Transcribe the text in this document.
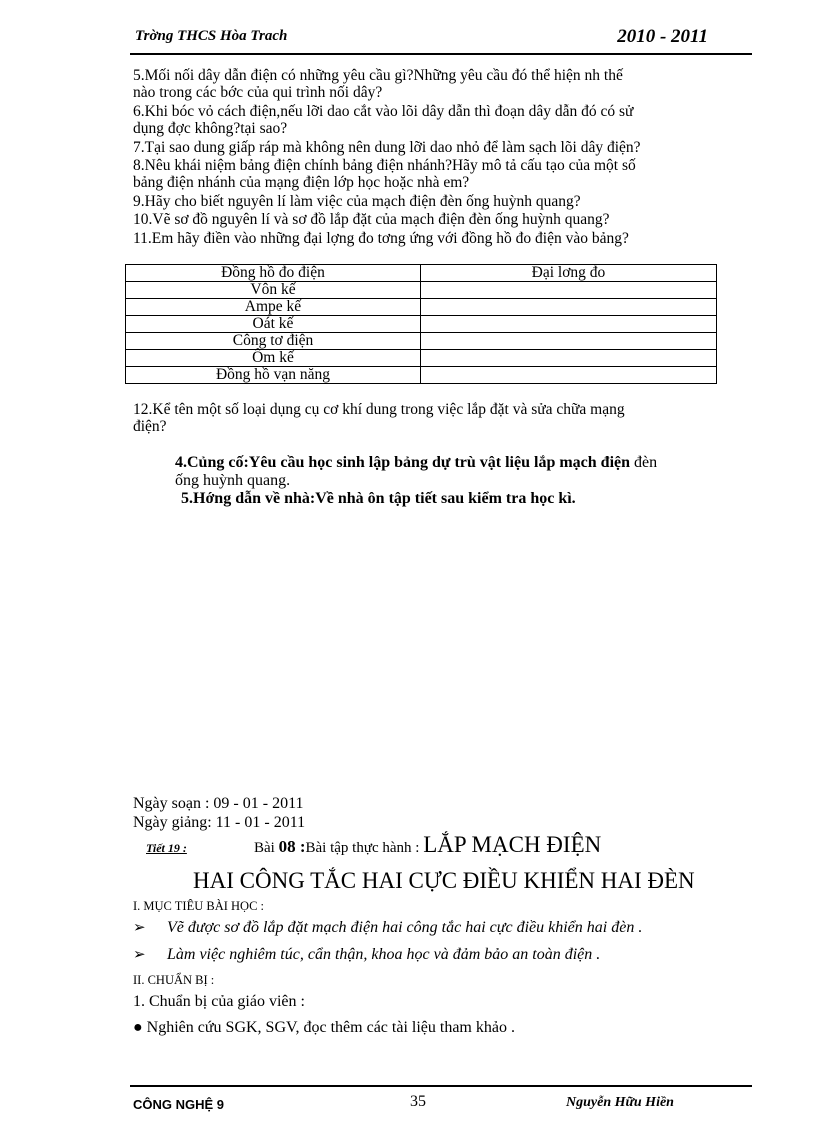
Trờng THCS Hòa Trach	2010 - 2011
5.Mối nối dây dẫn điện có những yêu cầu gì?Những yêu cầu đó thể hiện nh thế
nào trong các bớc của qui trình nối dây?
6.Khi bóc vỏ cách điện,nếu lỡi dao cắt vào lõi dây dẫn thì đoạn dây dẫn đó có sử
dụng đợc không?tại sao?
7.Tại sao dung giấp ráp mà không nên dung lỡi dao nhỏ để làm sạch lõi dây điện?
8.Nêu khái niệm bảng điện chính bảng điện nhánh?Hãy mô tả cấu tạo của một số
bảng điện nhánh của mạng điện lớp học hoặc nhà em?
9.Hãy cho biết nguyên lí làm việc của mạch điện đèn ống huỳnh quang?
10.Vẽ sơ đồ nguyên lí và sơ đồ lắp đặt của mạch điện đèn ống huỳnh quang?
11.Em hãy điền vào những đại lợng đo tơng ứng với đồng hồ đo điện vào bảng?
Đồng hồ đo điện	Đại lơng đo
Vôn kế	
Ampe kế	
Oát kế	
Công tơ điện	
Ôm kế	
Đồng hồ vạn năng	
12.Kể tên một số loại dụng cụ cơ khí dung trong việc lắp đặt và sửa chữa mạng
điện?
4.Củng cố:Yêu cầu học sinh lập bảng dự trù vật liệu lắp mạch điện đèn
ống huỳnh quang.
5.Hớng dẫn về nhà:Về nhà ôn tập tiết sau kiểm tra học kì.
Ngày soạn : 09 - 01 - 2011
Ngày giảng: 11 - 01 - 2011
Tiết 19 :	Bài 08 :Bài tập thực hành : LẮP MẠCH ĐIỆN
HAI CÔNG TẮC HAI CỰC ĐIỀU KHIỂN HAI ĐÈN
I. MỤC TIÊU BÀI HỌC :
➢ Vẽ được sơ đồ lắp đặt mạch điện hai công tắc hai cực điều khiển hai đèn .
➢ Làm việc nghiêm túc, cẩn thận, khoa học và đảm bảo an toàn điện .
II. CHUẨN BỊ :
1. Chuẩn bị của giáo viên :
● Nghiên cứu SGK, SGV, đọc thêm các tài liệu tham khảo .
CÔNG NGHỆ 9	35	Nguyễn Hữu Hiền
